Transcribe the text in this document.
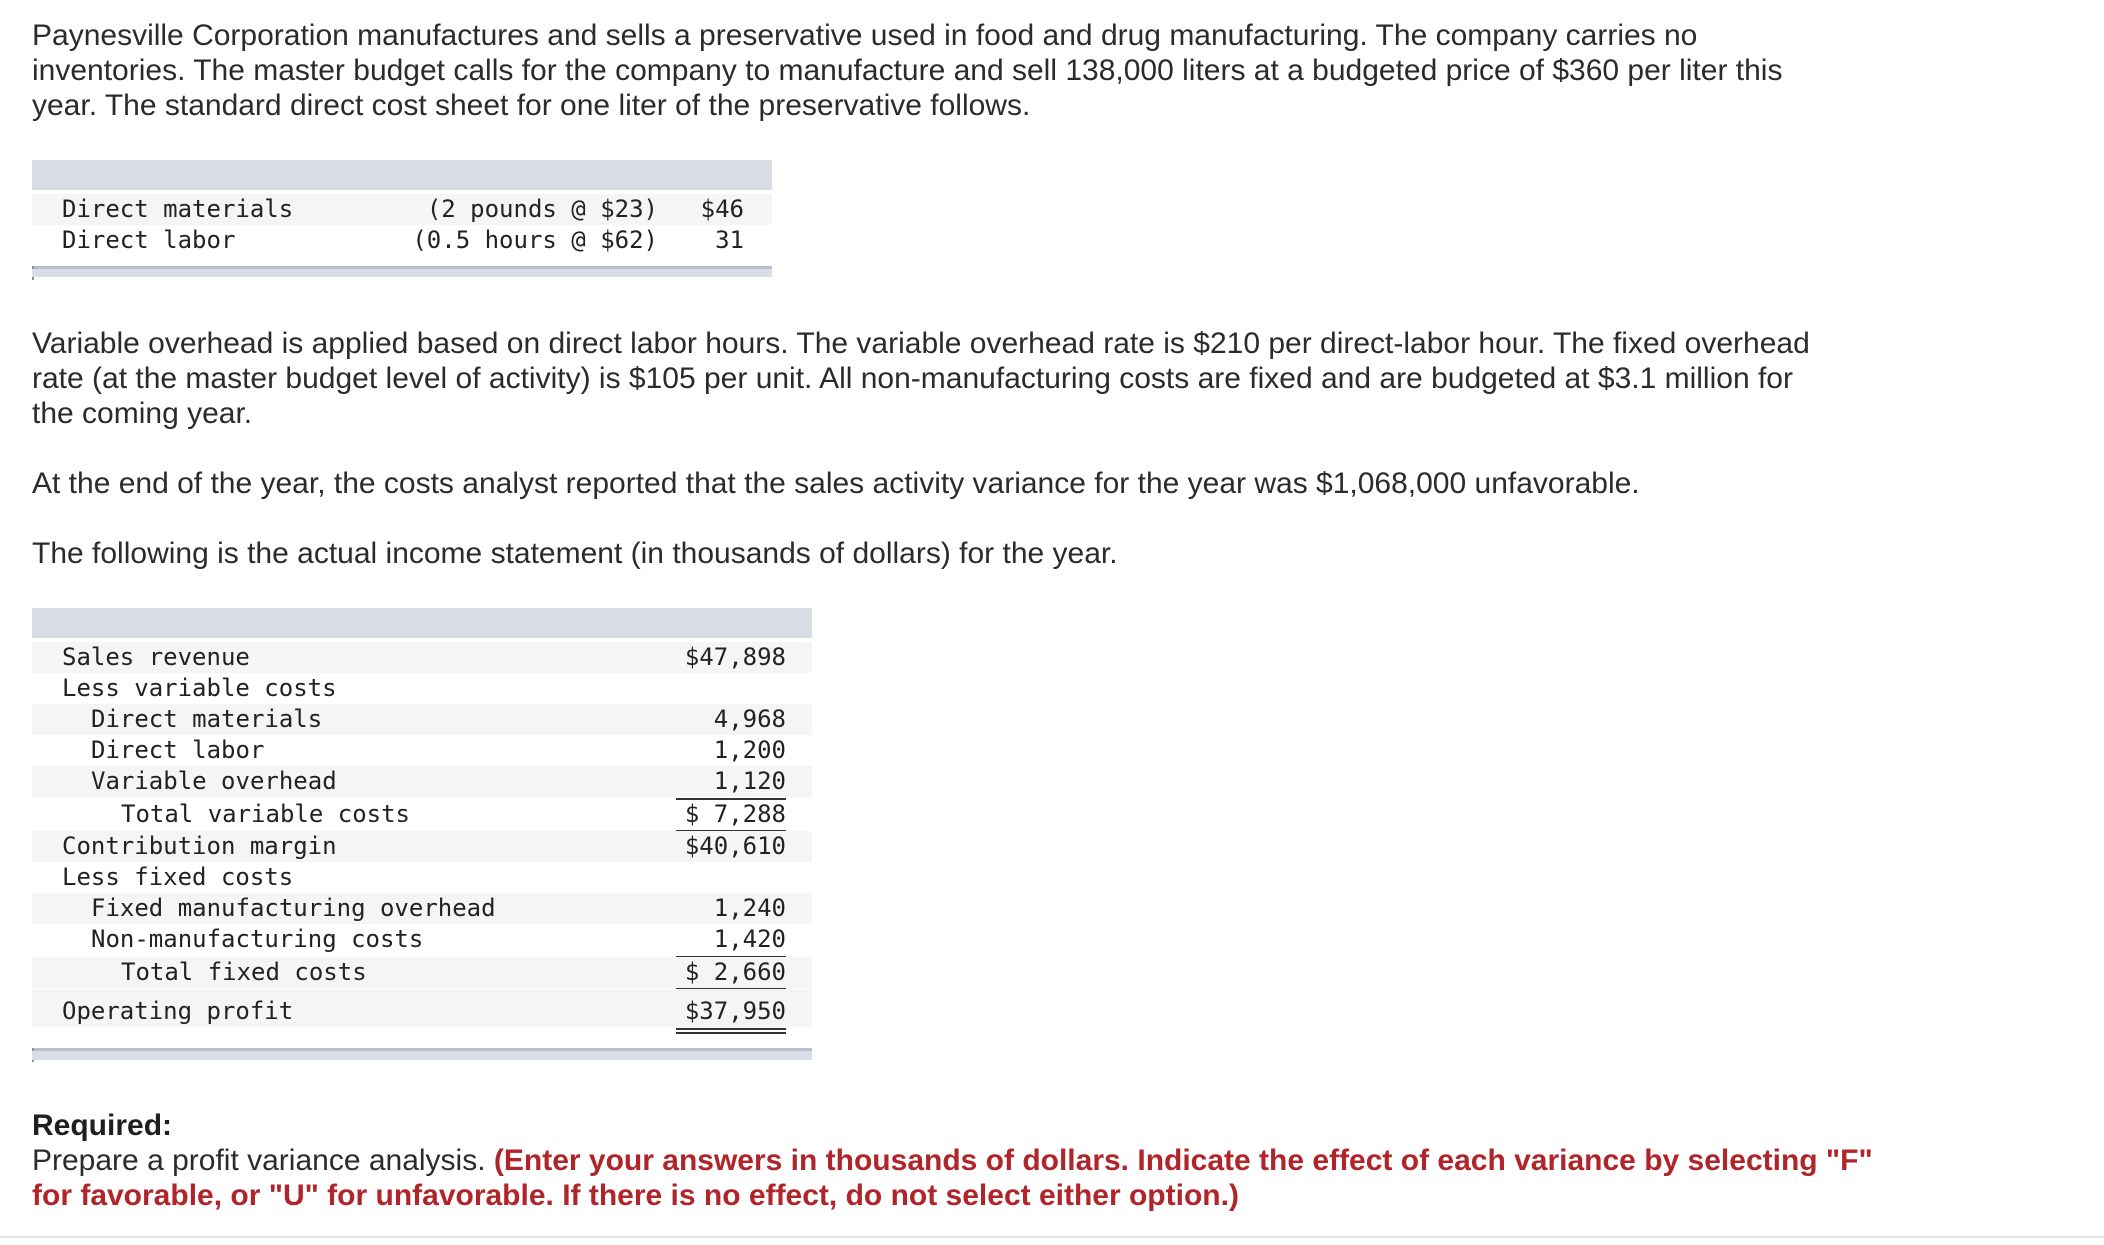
Paynesville Corporation manufactures and sells a preservative used in food and drug manufacturing. The company carries no
inventories. The master budget calls for the company to manufacture and sell 138,000 liters at a budgeted price of $360 per liter this
year. The standard direct cost sheet for one liter of the preservative follows.

Direct materials	(2 pounds @ $23) $46
Direct labor	(0.5 hours @ $62) 31

Variable overhead is applied based on direct labor hours. The variable overhead rate is $210 per direct-labor hour. The fixed overhead
rate (at the master budget level of activity) is $105 per unit. All non-manufacturing costs are fixed and are budgeted at $3.1 million for
the coming year.

At the end of the year, the costs analyst reported that the sales activity variance for the year was $1,068,000 unfavorable.

The following is the actual income statement (in thousands of dollars) for the year.

Sales revenue	$47,898
Less variable costs
Direct materials	4,968
Direct labor	1,200
Variable overhead	1,120
Total variable costs	$ 7,288
Contribution margin	$40,610
Less fixed costs
Fixed manufacturing overhead	1,240
Non-manufacturing costs	1,420
Total fixed costs	$ 2,660
Operating profit	$37,950
Required:

Prepare a profit variance analysis. (Enter your answers in thousands of dollars. Indicate the effect of each variance by selecting "F"
for favorable, or "U" for unfavorable. If there is no effect, do not select either option.)
